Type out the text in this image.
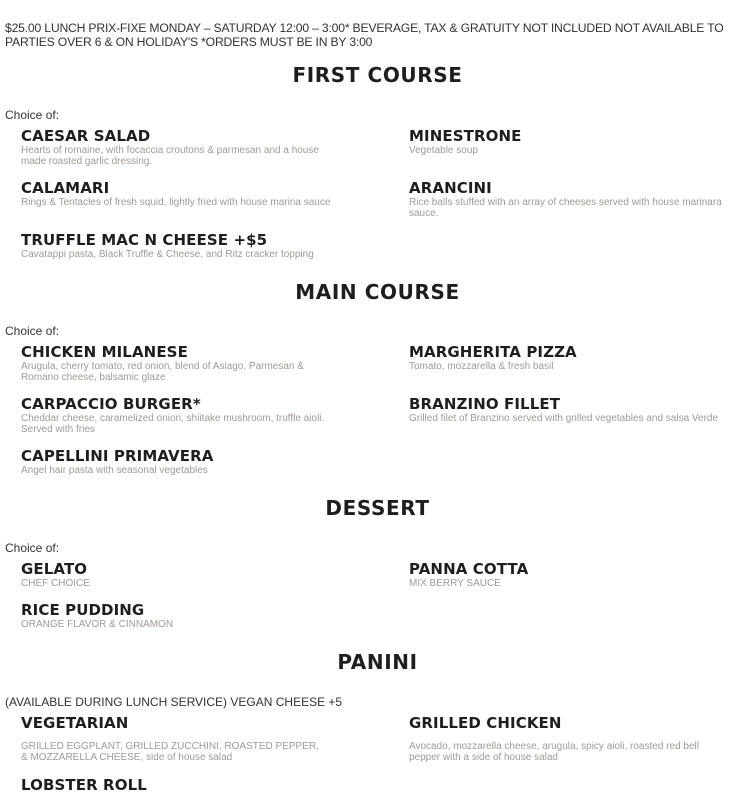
$25.00 LUNCH PRIX-FIXE MONDAY – SATURDAY 12:00 – 3:00* BEVERAGE, TAX & GRATUITY NOT INCLUDED NOT AVAILABLE TO PARTIES OVER 6 & ON HOLIDAY'S *ORDERS MUST BE IN BY 3:00
FIRST COURSE
Choice of:
CAESAR SALAD
Hearts of romaine, with focaccia croutons & parmesan and a house made roasted garlic dressing.
MINESTRONE
Vegetable soup
CALAMARI
Rings & Tentacles of fresh squid, lightly fried with house marina sauce
ARANCINI
Rice balls stuffed with an array of cheeses served with house marinara sauce.
TRUFFLE MAC N CHEESE +$5
Cavatappi pasta, Black Truffle & Cheese, and Ritz cracker topping
MAIN COURSE
Choice of:
CHICKEN MILANESE
Arugula, cherry tomato, red onion, blend of Asiago, Parmesan & Romano cheese, balsamic glaze
MARGHERITA PIZZA
Tomato, mozzarella & fresh basil
CARPACCIO BURGER*
Cheddar cheese, caramelized onion, shiitake mushroom, truffle aioli. Served with fries
BRANZINO FILLET
Grilled filet of Branzino served with grilled vegetables and salsa Verde
CAPELLINI PRIMAVERA
Angel hair pasta with seasonal vegetables
DESSERT
Choice of:
GELATO
CHEF CHOICE
PANNA COTTA
MIX BERRY SAUCE
RICE PUDDING
ORANGE FLAVOR & CINNAMON
PANINI
(AVAILABLE DURING LUNCH SERVICE) VEGAN CHEESE +5
VEGETARIAN
GRILLED EGGPLANT, GRILLED ZUCCHINI, ROASTED PEPPER, & MOZZARELLA CHEESE, side of house salad
GRILLED CHICKEN
Avocado, mozzarella cheese, arugula, spicy aioli, roasted red bell pepper with a side of house salad
LOBSTER ROLL
